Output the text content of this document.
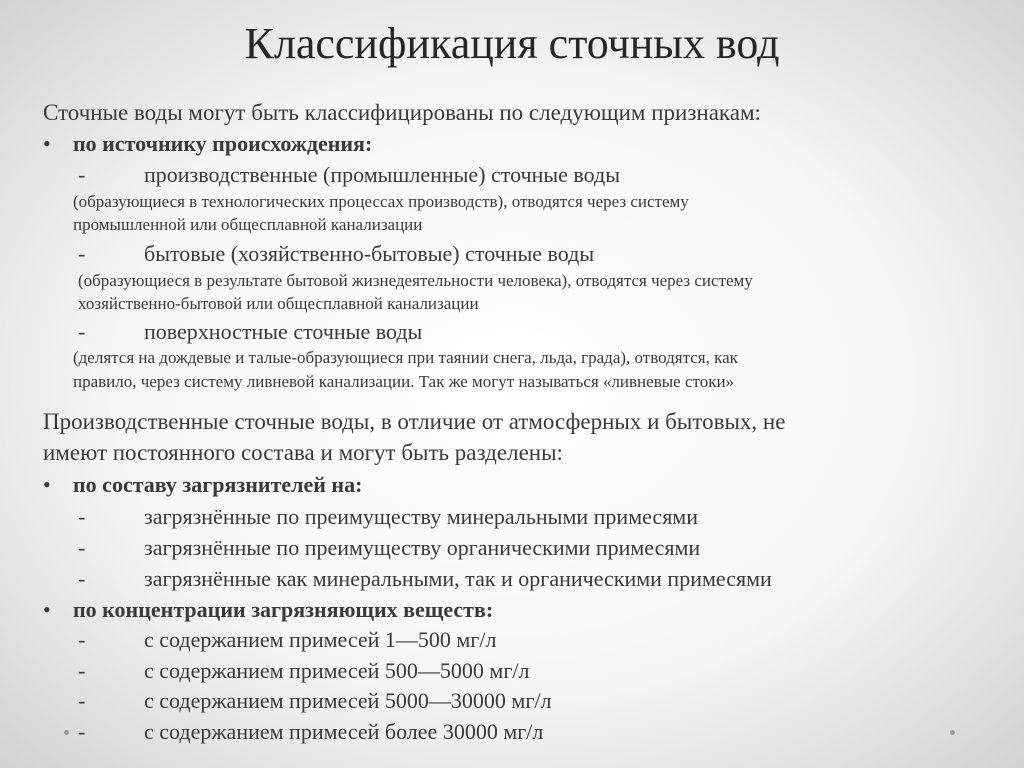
Классификация сточных вод
Сточные воды могут быть классифицированы по следующим признакам:
• по источнику происхождения:
-	производственные (промышленные) сточные воды
(образующиеся в технологических процессах производств), отводятся через систему
промышленной или общесплавной канализации
-	бытовые (хозяйственно-бытовые) сточные воды
(образующиеся в результате бытовой жизнедеятельности человека), отводятся через систему
хозяйственно-бытовой или общесплавной канализации
-	поверхностные сточные воды
(делятся на дождевые и талые-образующиеся при таянии снега, льда, града), отводятся, как
правило, через систему ливневой канализации. Так же могут называться «ливневые стоки»
Производственные сточные воды, в отличие от атмосферных и бытовых, не
имеют постоянного состава и могут быть разделены:
• по составу загрязнителей на:
-	загрязнённые по преимуществу минеральными примесями
-	загрязнённые по преимуществу органическими примесями
-	загрязнённые как минеральными, так и органическими примесями
• по концентрации загрязняющих веществ:
-	с содержанием примесей 1—500 мг/л
-	с содержанием примесей 500—5000 мг/л
-	с содержанием примесей 5000—30000 мг/л
-	с содержанием примесей более 30000 мг/л
